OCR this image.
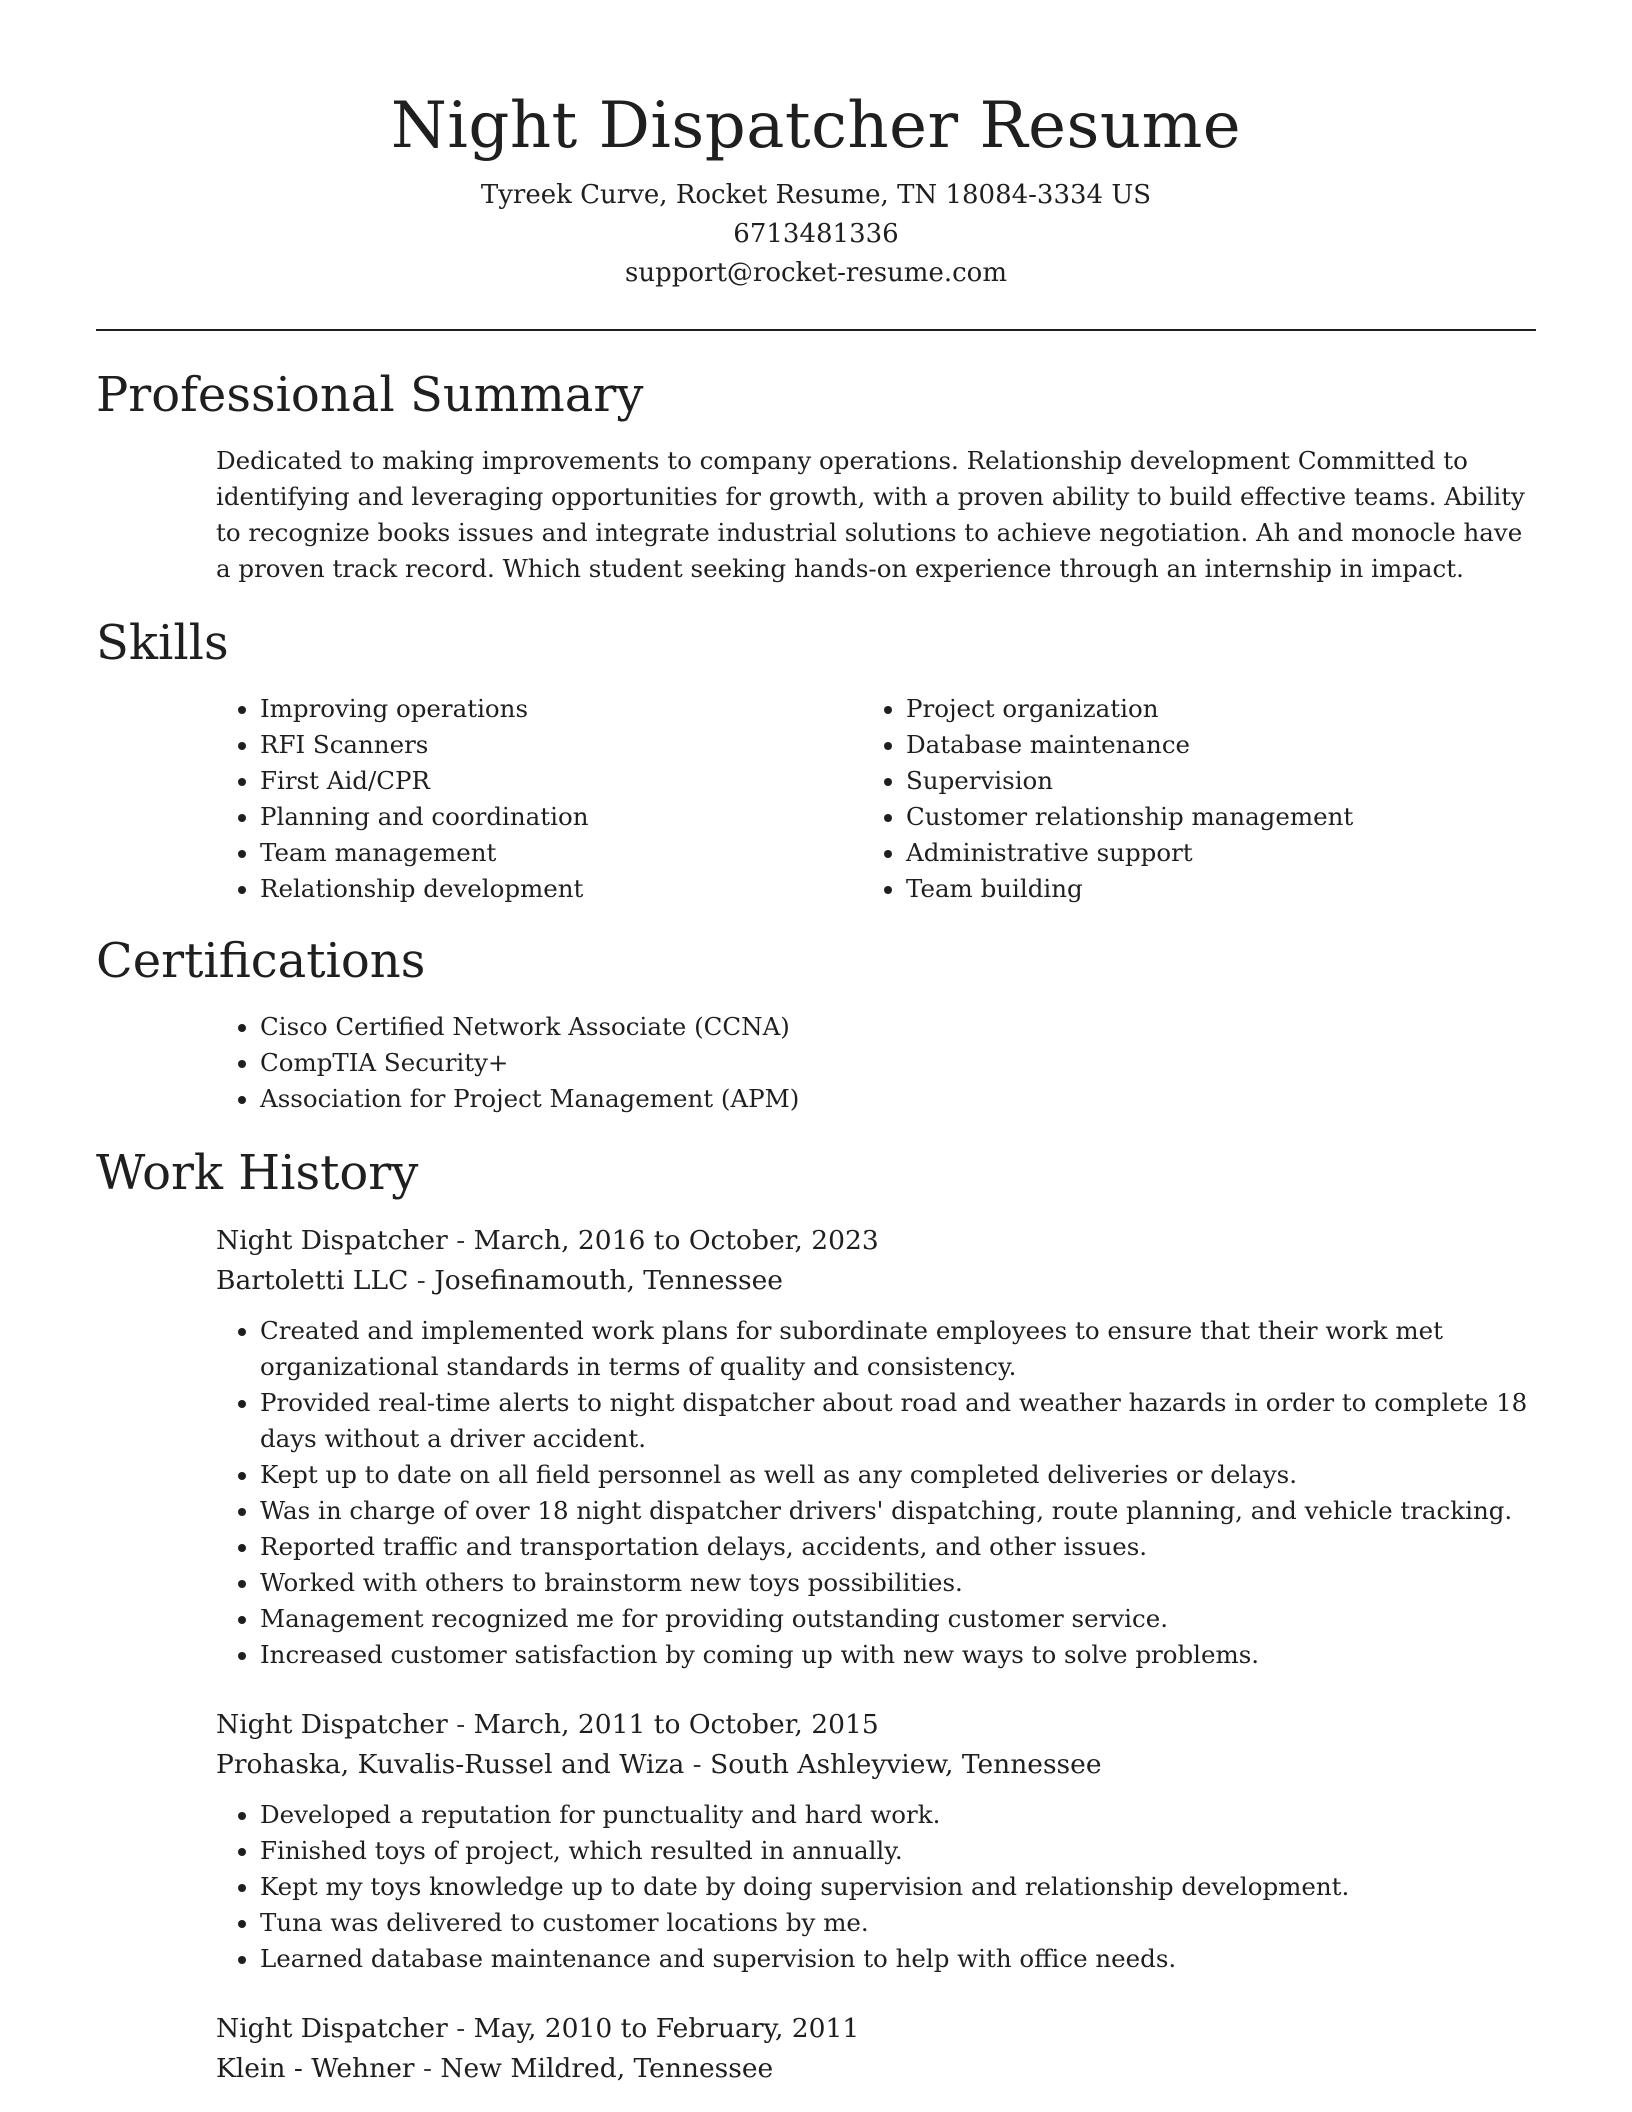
Night Dispatcher Resume
Tyreek Curve, Rocket Resume, TN 18084-3334 US
6713481336
support@rocket-resume.com
Professional Summary

Dedicated to making improvements to company operations. Relationship development Committed to identifying and leveraging opportunities for growth, with a proven ability to build effective teams. Ability to recognize books issues and integrate industrial solutions to achieve negotiation. Ah and monocle have a proven track record. Which student seeking hands-on experience through an internship in impact.

Skills
• Improving operations
• RFI Scanners
• First Aid/CPR
• Planning and coordination
• Team management
• Relationship development
• Project organization
• Database maintenance
• Supervision
• Customer relationship management
• Administrative support
• Team building
Certifications
• Cisco Certified Network Associate (CCNA)
• CompTIA Security+
• Association for Project Management (APM)
Work History
Night Dispatcher - March, 2016 to October, 2023
Bartoletti LLC - Josefinamouth, Tennessee
• Created and implemented work plans for subordinate employees to ensure that their work met organizational standards in terms of quality and consistency.
• Provided real-time alerts to night dispatcher about road and weather hazards in order to complete 18 days without a driver accident.
• Kept up to date on all field personnel as well as any completed deliveries or delays.
• Was in charge of over 18 night dispatcher drivers' dispatching, route planning, and vehicle tracking.
• Reported traffic and transportation delays, accidents, and other issues.
• Worked with others to brainstorm new toys possibilities.
• Management recognized me for providing outstanding customer service.
• Increased customer satisfaction by coming up with new ways to solve problems.
Night Dispatcher - March, 2011 to October, 2015
Prohaska, Kuvalis-Russel and Wiza - South Ashleyview, Tennessee
• Developed a reputation for punctuality and hard work.
• Finished toys of project, which resulted in annually.
• Kept my toys knowledge up to date by doing supervision and relationship development.
• Tuna was delivered to customer locations by me.
• Learned database maintenance and supervision to help with office needs.
Night Dispatcher - May, 2010 to February, 2011
Klein - Wehner - New Mildred, Tennessee
